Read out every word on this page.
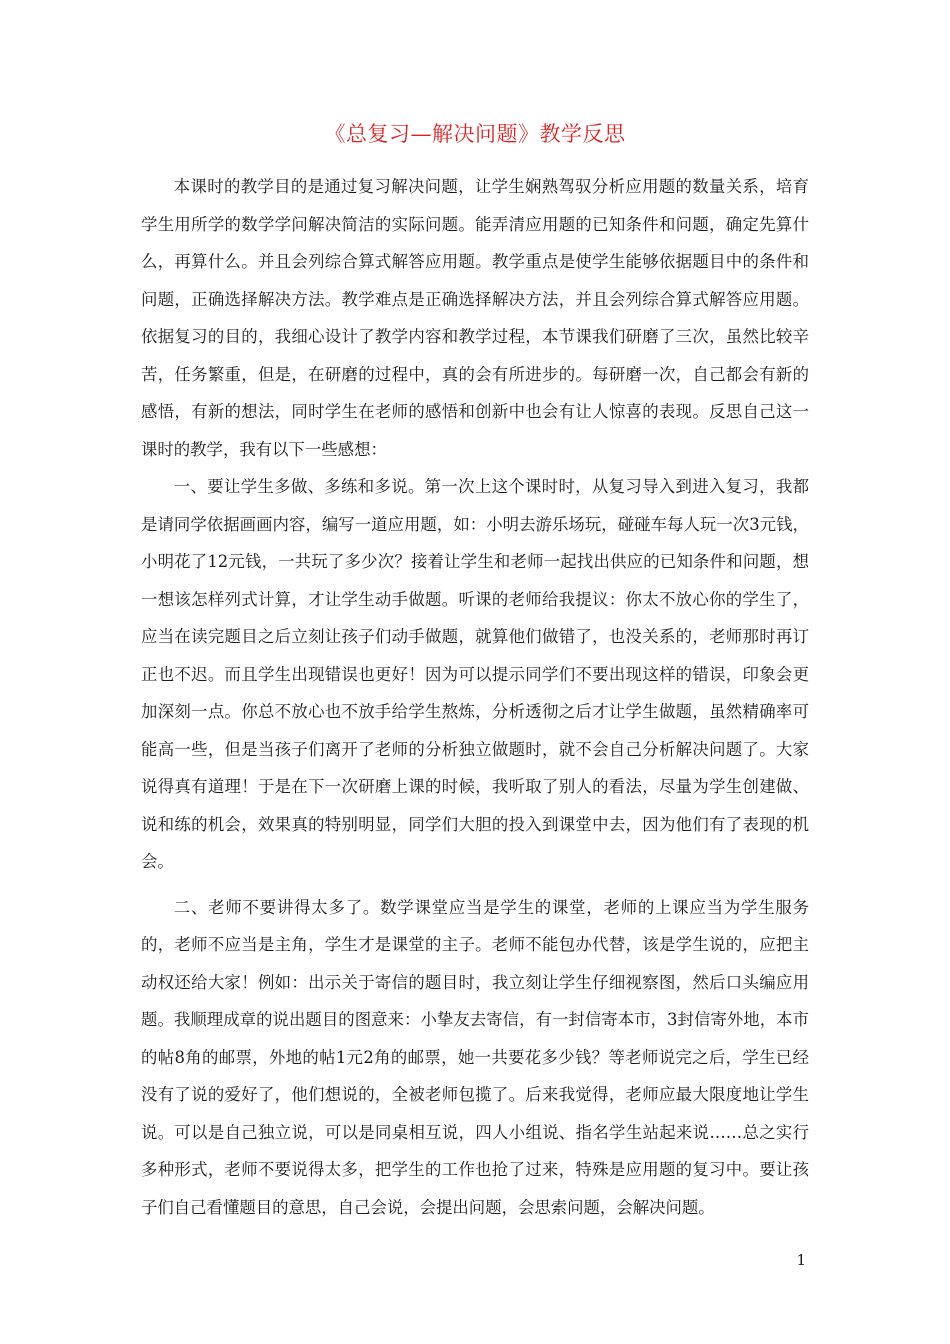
《总复习—解决问题》教学反思

本课时的教学目的是通过复习解决问题，让学生娴熟驾驭分析应用题的数量关系，培育学生用所学的数学学问解决简洁的实际问题。能弄清应用题的已知条件和问题，确定先算什么，再算什么。并且会列综合算式解答应用题。教学重点是使学生能够依据题目中的条件和问题，正确选择解决方法。教学难点是正确选择解决方法，并且会列综合算式解答应用题。依据复习的目的，我细心设计了教学内容和教学过程，本节课我们研磨了三次，虽然比较辛苦，任务繁重，但是，在研磨的过程中，真的会有所进步的。每研磨一次，自己都会有新的感悟，有新的想法，同时学生在老师的感悟和创新中也会有让人惊喜的表现。反思自己这一课时的教学，我有以下一些感想：

一、要让学生多做、多练和多说。第一次上这个课时时，从复习导入到进入复习，我都是请同学依据画画内容，编写一道应用题，如：小明去游乐场玩，碰碰车每人玩一次3元钱，小明花了12元钱，一共玩了多少次？接着让学生和老师一起找出供应的已知条件和问题，想一想该怎样列式计算，才让学生动手做题。听课的老师给我提议：你太不放心你的学生了，应当在读完题目之后立刻让孩子们动手做题，就算他们做错了，也没关系的，老师那时再订正也不迟。而且学生出现错误也更好！因为可以提示同学们不要出现这样的错误，印象会更加深刻一点。你总不放心也不放手给学生熬炼，分析透彻之后才让学生做题，虽然精确率可能高一些，但是当孩子们离开了老师的分析独立做题时，就不会自己分析解决问题了。大家说得真有道理！于是在下一次研磨上课的时候，我听取了别人的看法，尽量为学生创建做、说和练的机会，效果真的特别明显，同学们大胆的投入到课堂中去，因为他们有了表现的机会。

二、老师不要讲得太多了。数学课堂应当是学生的课堂，老师的上课应当为学生服务的，老师不应当是主角，学生才是课堂的主子。老师不能包办代替，该是学生说的，应把主动权还给大家！例如：出示关于寄信的题目时，我立刻让学生仔细视察图，然后口头编应用题。我顺理成章的说出题目的图意来：小挚友去寄信，有一封信寄本市，3封信寄外地，本市的帖8角的邮票，外地的帖1元2角的邮票，她一共要花多少钱？等老师说完之后，学生已经没有了说的爱好了，他们想说的，全被老师包揽了。后来我觉得，老师应最大限度地让学生说。可以是自己独立说，可以是同桌相互说，四人小组说、指名学生站起来说……总之实行多种形式，老师不要说得太多，把学生的工作也抢了过来，特殊是应用题的复习中。要让孩子们自己看懂题目的意思，自己会说，会提出问题，会思索问题，会解决问题。

1
